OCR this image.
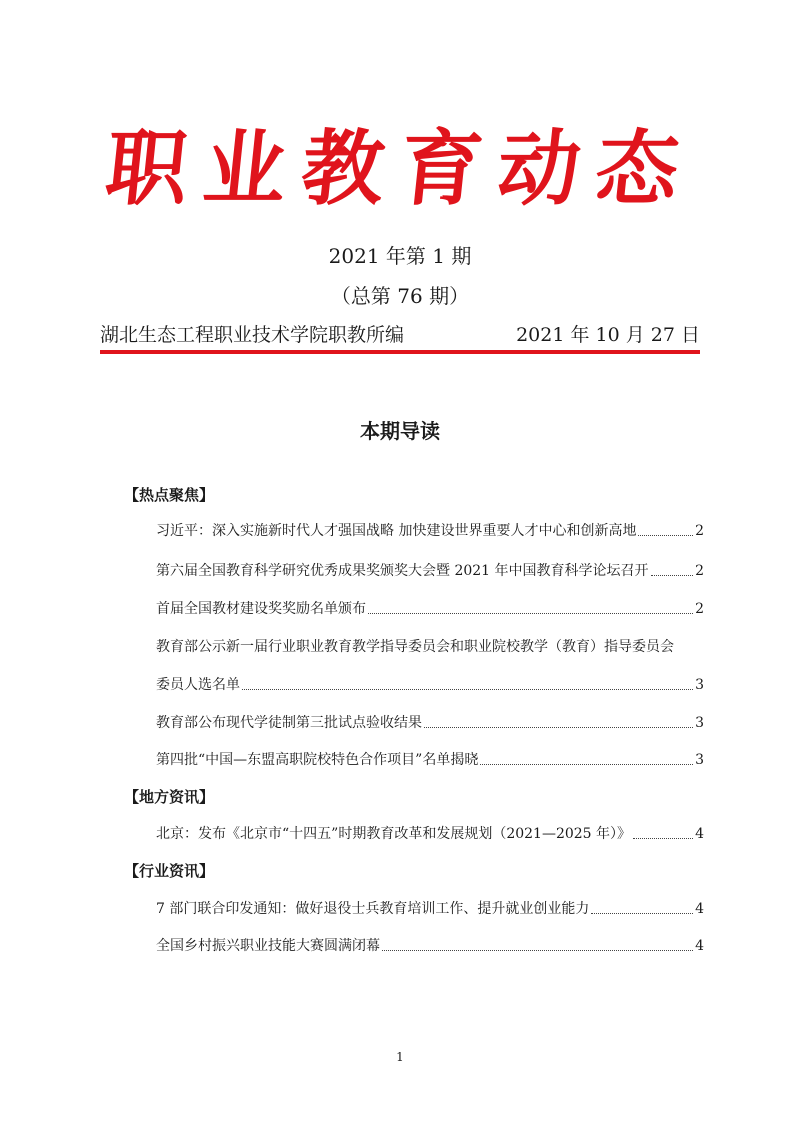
职业教育动态
2021 年第 1 期
（总第 76 期）
湖北生态工程职业技术学院职教所编	2021 年 10 月 27 日
本期导读
【热点聚焦】
习近平：深入实施新时代人才强国战略 加快建设世界重要人才中心和创新高地	2
第六届全国教育科学研究优秀成果奖颁奖大会暨 2021 年中国教育科学论坛召开	2
首届全国教材建设奖奖励名单颁布	2
教育部公示新一届行业职业教育教学指导委员会和职业院校教学（教育）指导委员会
委员人选名单	3
教育部公布现代学徒制第三批试点验收结果	3
第四批“中国—东盟高职院校特色合作项目”名单揭晓	3
【地方资讯】
北京：发布《北京市“十四五”时期教育改革和发展规划（2021—2025 年）》	4
【行业资讯】
7 部门联合印发通知：做好退役士兵教育培训工作、提升就业创业能力	4
全国乡村振兴职业技能大赛圆满闭幕	4
1
